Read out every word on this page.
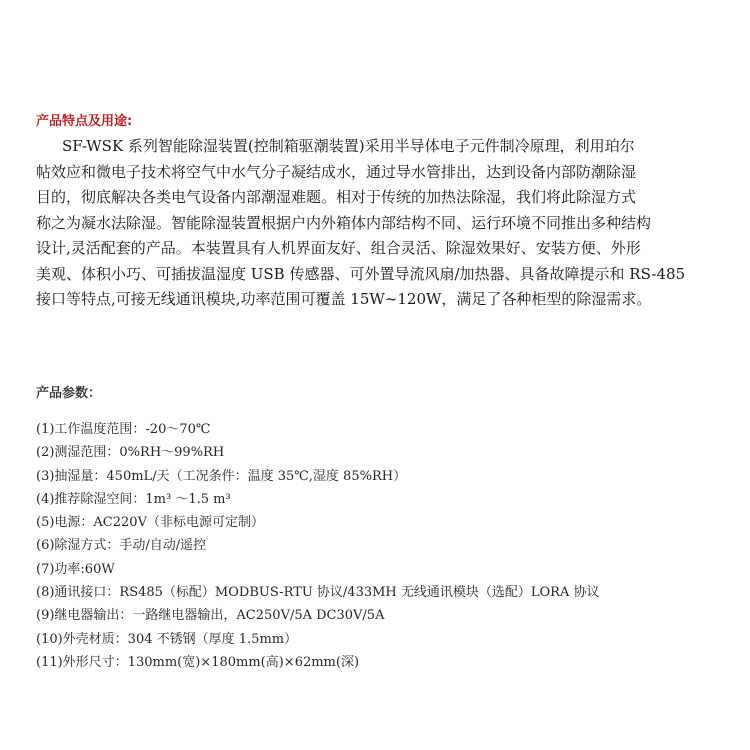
产品特点及用途:
SF-WSK 系列智能除湿装置(控制箱驱潮装置)采用半导体电子元件制冷原理，利用珀尔
帖效应和微电子技术将空气中水气分子凝结成水，通过导水管排出，达到设备内部防潮除湿
目的，彻底解决各类电气设备内部潮湿难题。相对于传统的加热法除湿，我们将此除湿方式
称之为凝水法除湿。智能除湿装置根据户内外箱体内部结构不同、运行环境不同推出多种结构
设计,灵活配套的产品。本装置具有人机界面友好、组合灵活、除湿效果好、安装方便、外形
美观、体积小巧、可插拔温湿度 USB 传感器、可外置导流风扇/加热器、具备故障提示和 RS-485
接口等特点,可接无线通讯模块,功率范围可覆盖 15W~120W，满足了各种柜型的除湿需求。
产品参数：
(1)工作温度范围：-20～70℃
(2)测湿范围：0%RH～99%RH
(3)抽湿量：450mL/天（工况条件：温度 35℃,湿度 85%RH）
(4)推荐除湿空间：1m³ ～1.5 m³
(5)电源：AC220V（非标电源可定制）
(6)除湿方式：手动/自动/遥控
(7)功率:60W
(8)通讯接口：RS485（标配）MODBUS-RTU 协议/433MH 无线通讯模块（选配）LORA 协议
(9)继电器输出：一路继电器输出，AC250V/5A DC30V/5A
(10)外壳材质：304 不锈钢（厚度 1.5mm）
(11)外形尺寸：130mm(宽)×180mm(高)×62mm(深)
